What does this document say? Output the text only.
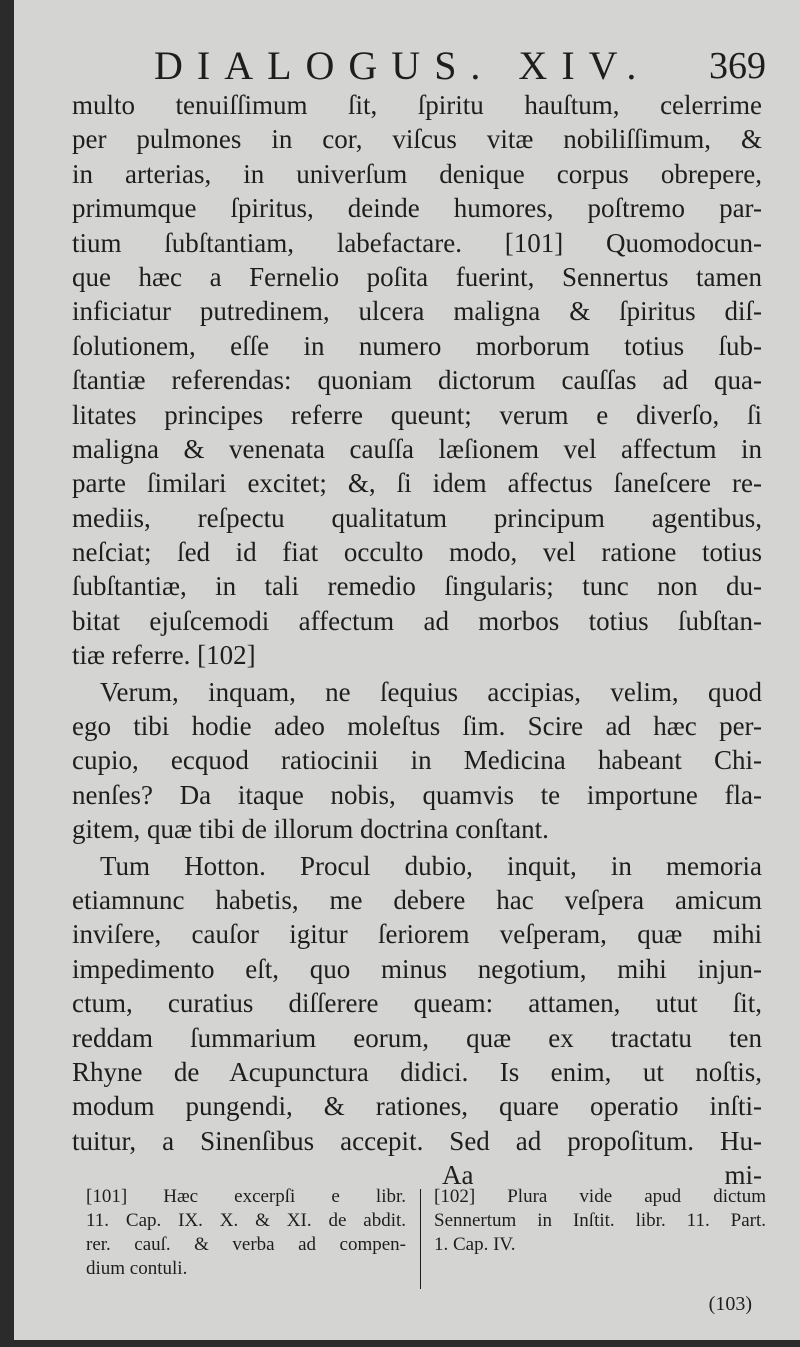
DIALOGUS. XIV. 369
multo tenuiſſimum ſit, ſpiritu hauſtum, celerrime
per pulmones in cor, viſcus vitæ nobiliſſimum, &
in arterias, in univerſum denique corpus obrepere,
primumque ſpiritus, deinde humores, poſtremo par-
tium ſubſtantiam, labefactare. [101] Quomodocun-
que hæc a Fernelio poſita fuerint, Sennertus tamen
inficiatur putredinem, ulcera maligna & ſpiritus diſ-
ſolutionem, eſſe in numero morborum totius ſub-
ſtantiæ referendas: quoniam dictorum cauſſas ad qua-
litates principes referre queunt; verum e diverſo, ſi
maligna & venenata cauſſa læſionem vel affectum in
parte ſimilari excitet; &, ſi idem affectus ſaneſcere re-
mediis, reſpectu qualitatum principum agentibus,
neſciat; ſed id fiat occulto modo, vel ratione totius
ſubſtantiæ, in tali remedio ſingularis; tunc non du-
bitat ejuſcemodi affectum ad morbos totius ſubſtan-
tiæ referre. [102]
Verum, inquam, ne ſequius accipias, velim, quod
ego tibi hodie adeo moleſtus ſim. Scire ad hæc per-
cupio, ecquod ratiocinii in Medicina habeant Chi-
nenſes? Da itaque nobis, quamvis te importune fla-
gitem, quæ tibi de illorum doctrina conſtant.
Tum Hotton. Procul dubio, inquit, in memoria
etiamnunc habetis, me debere hac veſpera amicum
inviſere, cauſor igitur ſeriorem veſperam, quæ mihi
impedimento eſt, quo minus negotium, mihi injun-
ctum, curatius diſſerere queam: attamen, utut ſit,
reddam ſummarium eorum, quæ ex tractatu ten
Rhyne de Acupunctura didici. Is enim, ut noſtis,
modum pungendi, & rationes, quare operatio inſti-
tuitur, a Sinenſibus accepit. Sed ad propoſitum. Hu-
Aa	mi-
[101] Hæc excerpſi e libr.
11. Cap. IX. X. & XI. de abdit.
rer. cauſ. & verba ad compen-
dium contuli.
[102] Plura vide apud dictum
Sennertum in Inſtit. libr. 11. Part.
1. Cap. IV.
(103)
